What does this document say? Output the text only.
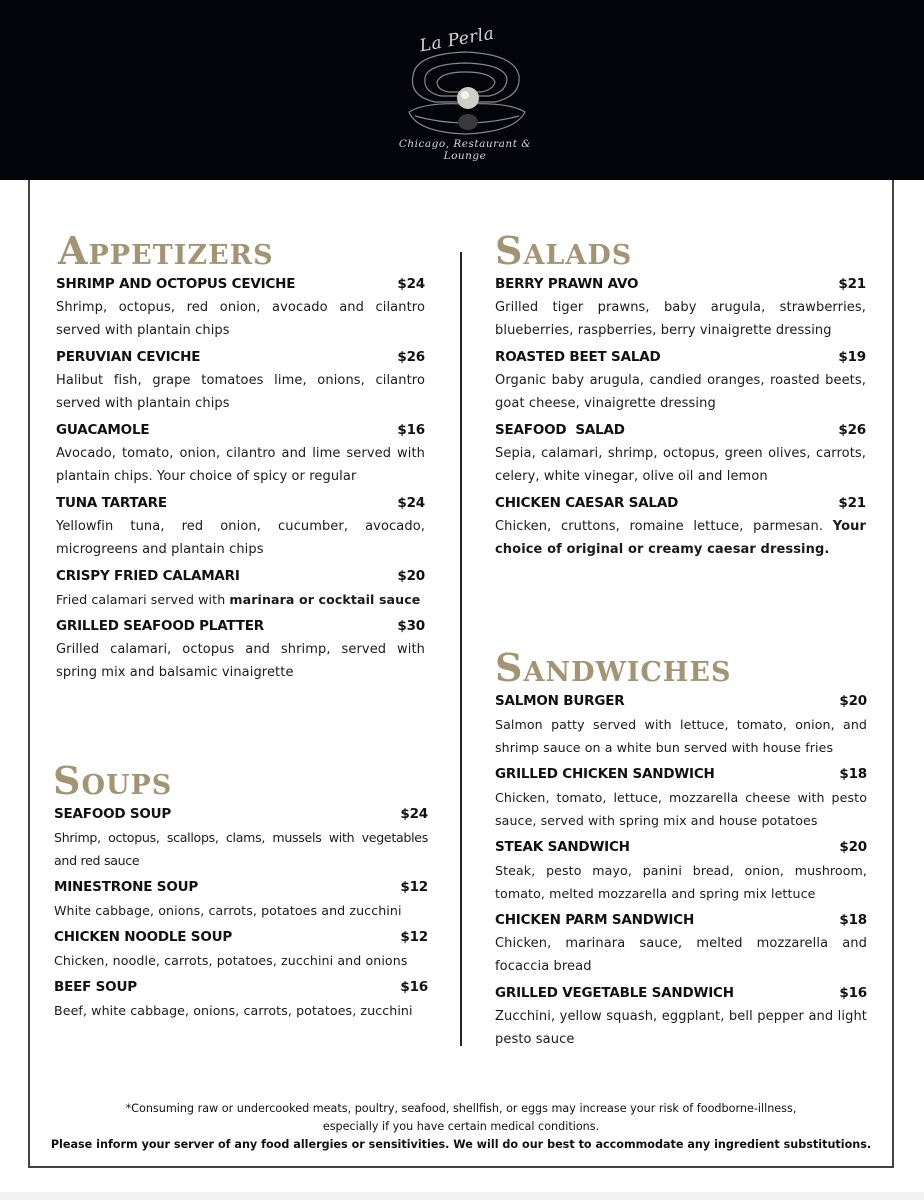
La Perla
Chicago, Restaurant & Lounge
Appetizers
SHRIMP AND OCTOPUS CEVICHE	$24
Shrimp, octopus, red onion, avocado and cilantro served with plantain chips
PERUVIAN CEVICHE	$26
Halibut fish, grape tomatoes lime, onions, cilantro served with plantain chips
GUACAMOLE	$16
Avocado, tomato, onion, cilantro and lime served with plantain chips. Your choice of spicy or regular
TUNA TARTARE	$24
Yellowfin tuna, red onion, cucumber, avocado, microgreens and plantain chips
CRISPY FRIED CALAMARI	$20
Fried calamari served with marinara or cocktail sauce
GRILLED SEAFOOD PLATTER	$30
Grilled calamari, octopus and shrimp, served with spring mix and balsamic vinaigrette
Soups
SEAFOOD SOUP	$24
Shrimp, octopus, scallops, clams, mussels with vegetables and red sauce
MINESTRONE SOUP	$12
White cabbage, onions, carrots, potatoes and zucchini
CHICKEN NOODLE SOUP	$12
Chicken, noodle, carrots, potatoes, zucchini and onions
BEEF SOUP	$16
Beef, white cabbage, onions, carrots, potatoes, zucchini
Salads
BERRY PRAWN AVO	$21
Grilled tiger prawns, baby arugula, strawberries, blueberries, raspberries, berry vinaigrette dressing
ROASTED BEET SALAD	$19
Organic baby arugula, candied oranges, roasted beets, goat cheese, vinaigrette dressing
SEAFOOD  SALAD	$26
Sepia, calamari, shrimp, octopus, green olives, carrots, celery, white vinegar, olive oil and lemon
CHICKEN CAESAR SALAD	$21
Chicken, cruttons, romaine lettuce, parmesan. Your choice of original or creamy caesar dressing.
Sandwiches
SALMON BURGER	$20
Salmon patty served with lettuce, tomato, onion, and shrimp sauce on a white bun served with house fries
GRILLED CHICKEN SANDWICH	$18
Chicken, tomato, lettuce, mozzarella cheese with pesto sauce, served with spring mix and house potatoes
STEAK SANDWICH	$20
Steak, pesto mayo, panini bread, onion, mushroom, tomato, melted mozzarella and spring mix lettuce
CHICKEN PARM SANDWICH	$18
Chicken, marinara sauce, melted mozzarella and focaccia bread
GRILLED VEGETABLE SANDWICH	$16
Zucchini, yellow squash, eggplant, bell pepper and light pesto sauce
*Consuming raw or undercooked meats, poultry, seafood, shellfish, or eggs may increase your risk of foodborne-illness,
especially if you have certain medical conditions.
Please inform your server of any food allergies or sensitivities. We will do our best to accommodate any ingredient substitutions.
